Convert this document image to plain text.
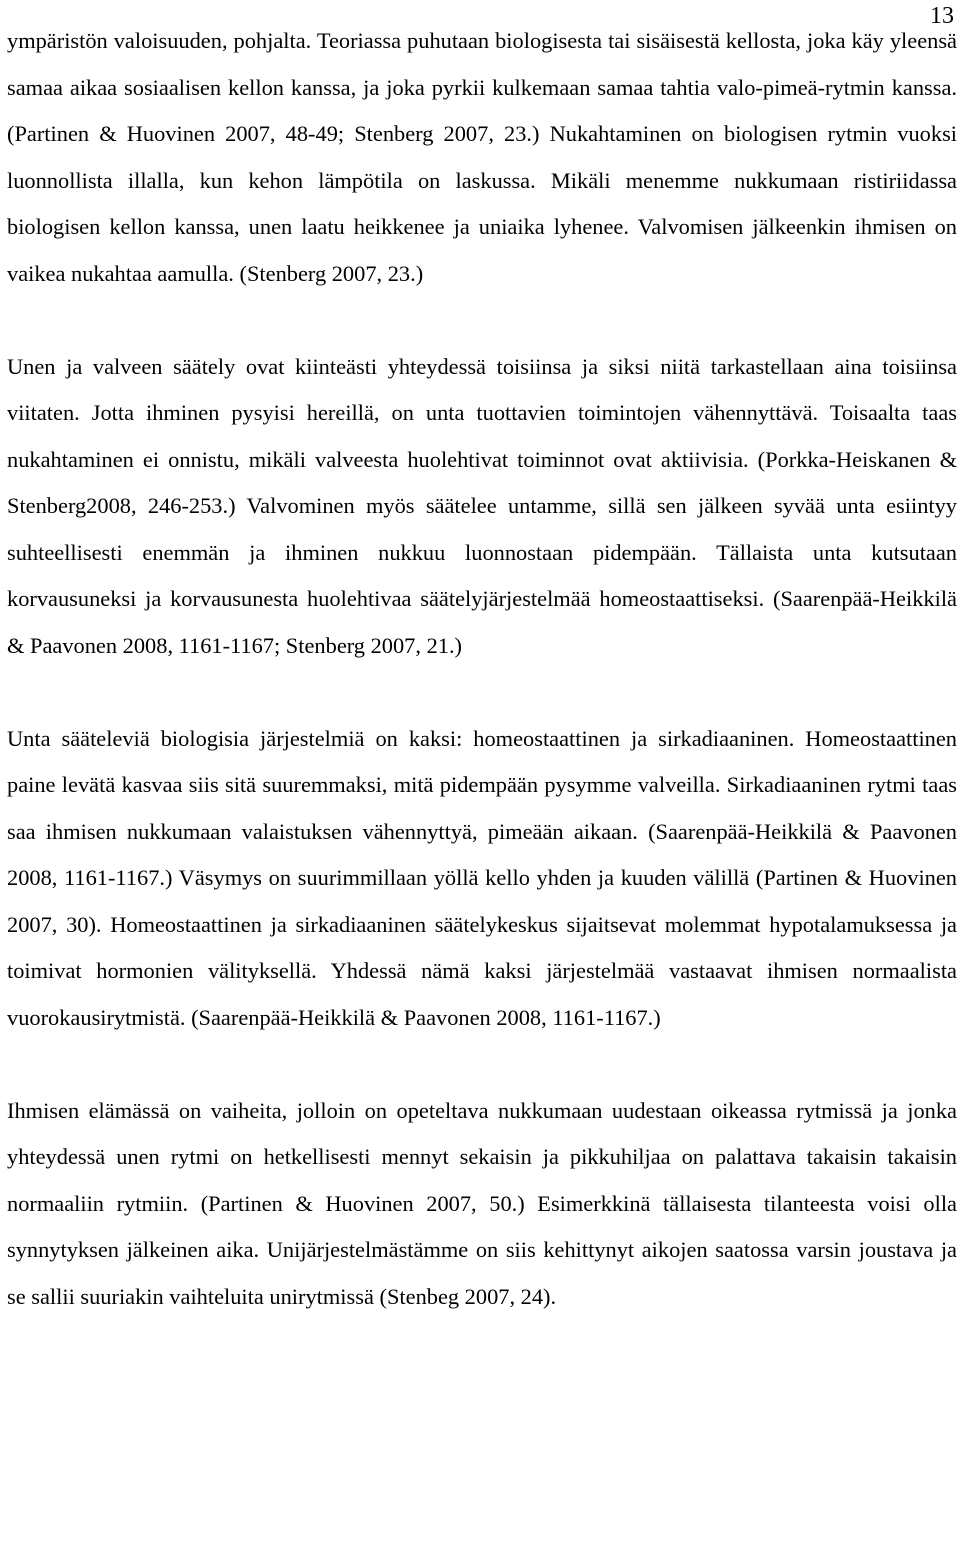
13

ympäristön valoisuuden, pohjalta. Teoriassa puhutaan biologisesta tai sisäisestä kellosta, joka käy yleensä samaa aikaa sosiaalisen kellon kanssa, ja joka pyrkii kulkemaan samaa tahtia valo-pimeä-rytmin kanssa. (Partinen & Huovinen 2007, 48-49; Stenberg 2007, 23.) Nukahtaminen on biologisen rytmin vuoksi luonnollista illalla, kun kehon lämpötila on laskussa. Mikäli menemme nukkumaan ristiriidassa biologisen kellon kanssa, unen laatu heikkenee ja uniaika lyhenee. Valvomisen jälkeenkin ihmisen on vaikea nukahtaa aamulla. (Stenberg 2007, 23.)

Unen ja valveen säätely ovat kiinteästi yhteydessä toisiinsa ja siksi niitä tarkastellaan aina toisiinsa viitaten. Jotta ihminen pysyisi hereillä, on unta tuottavien toimintojen vähennyttävä. Toisaalta taas nukahtaminen ei onnistu, mikäli valveesta huolehtivat toiminnot ovat aktiivisia. (Porkka-Heiskanen & Stenberg2008, 246-253.) Valvominen myös säätelee untamme, sillä sen jälkeen syvää unta esiintyy suhteellisesti enemmän ja ihminen nukkuu luonnostaan pidempään. Tällaista unta kutsutaan korvausuneksi ja korvausunesta huolehtivaa säätelyjärjestelmää homeostaattiseksi. (Saarenpää-Heikkilä & Paavonen 2008, 1161-1167; Stenberg 2007, 21.)

Unta sääteleviä biologisia järjestelmiä on kaksi: homeostaattinen ja sirkadiaaninen. Homeostaattinen paine levätä kasvaa siis sitä suuremmaksi, mitä pidempään pysymme valveilla. Sirkadiaaninen rytmi taas saa ihmisen nukkumaan valaistuksen vähennyttyä, pimeään aikaan. (Saarenpää-Heikkilä & Paavonen 2008, 1161-1167.) Väsymys on suurimmillaan yöllä kello yhden ja kuuden välillä (Partinen & Huovinen 2007, 30). Homeostaattinen ja sirkadiaaninen säätelykeskus sijaitsevat molemmat hypotalamuksessa ja toimivat hormonien välityksellä. Yhdessä nämä kaksi järjestelmää vastaavat ihmisen normaalista vuorokausirytmistä. (Saarenpää-Heikkilä & Paavonen 2008, 1161-1167.)

Ihmisen elämässä on vaiheita, jolloin on opeteltava nukkumaan uudestaan oikeassa rytmissä ja jonka yhteydessä unen rytmi on hetkellisesti mennyt sekaisin ja pikkuhiljaa on palattava takaisin takaisin normaaliin rytmiin. (Partinen & Huovinen 2007, 50.) Esimerkkinä tällaisesta tilanteesta voisi olla synnytyksen jälkeinen aika. Unijärjestelmästämme on siis kehittynyt aikojen saatossa varsin joustava ja se sallii suuriakin vaihteluita unirytmissä (Stenbeg 2007, 24).
